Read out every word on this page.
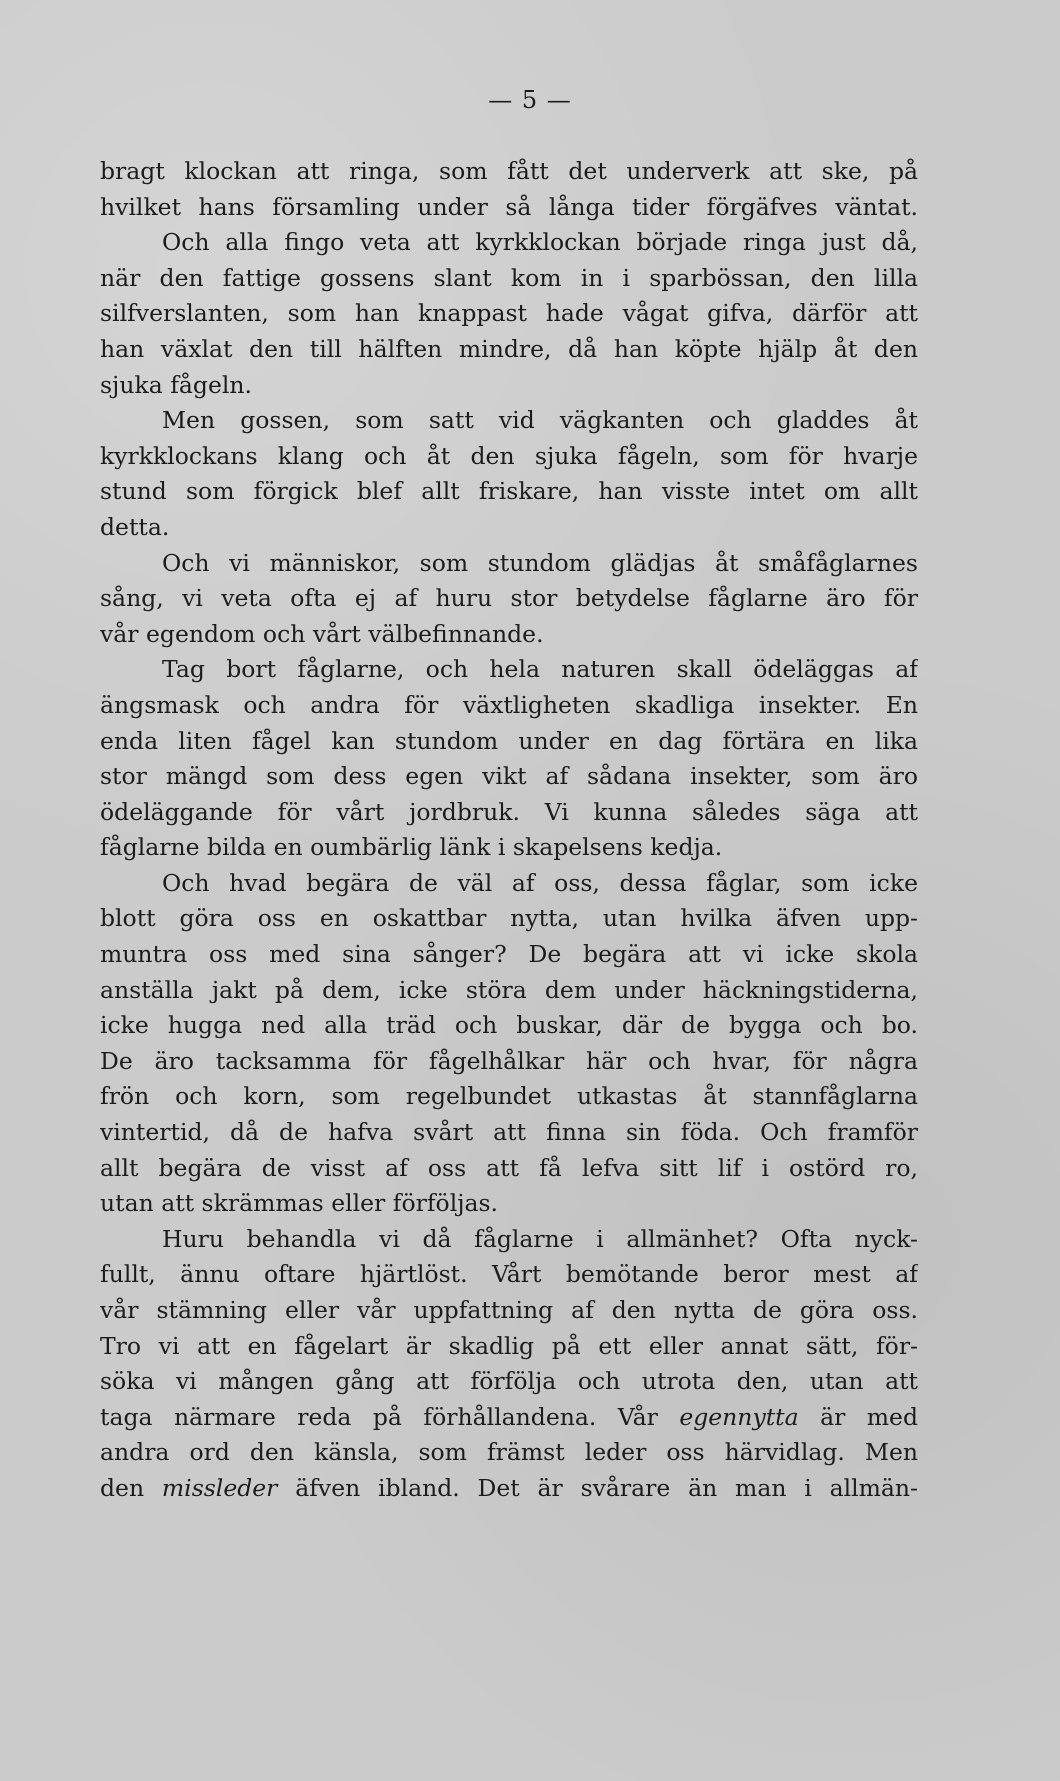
— 5 —

bragt klockan att ringa, som fått det underverk att ske, på
hvilket hans församling under så långa tider förgäfves väntat.

Och alla fingo veta att kyrkklockan började ringa just då,
när den fattige gossens slant kom in i sparbössan, den lilla
silfverslanten, som han knappast hade vågat gifva, därför att
han växlat den till hälften mindre, då han köpte hjälp åt den
sjuka fågeln.

Men gossen, som satt vid vägkanten och gladdes åt
kyrkklockans klang och åt den sjuka fågeln, som för hvarje
stund som förgick blef allt friskare, han visste intet om allt
detta.

Och vi människor, som stundom glädjas åt småfåglarnes
sång, vi veta ofta ej af huru stor betydelse fåglarne äro för
vår egendom och vårt välbefinnande.

Tag bort fåglarne, och hela naturen skall ödeläggas af
ängsmask och andra för växtligheten skadliga insekter. En
enda liten fågel kan stundom under en dag förtära en lika
stor mängd som dess egen vikt af sådana insekter, som äro
ödeläggande för vårt jordbruk. Vi kunna således säga att
fåglarne bilda en oumbärlig länk i skapelsens kedja.

Och hvad begära de väl af oss, dessa fåglar, som icke
blott göra oss en oskattbar nytta, utan hvilka äfven upp-
muntra oss med sina sånger? De begära att vi icke skola
anställa jakt på dem, icke störa dem under häckningstiderna,
icke hugga ned alla träd och buskar, där de bygga och bo.
De äro tacksamma för fågelhålkar här och hvar, för några
frön och korn, som regelbundet utkastas åt stannfåglarna
vintertid, då de hafva svårt att finna sin föda. Och framför
allt begära de visst af oss att få lefva sitt lif i ostörd ro,
utan att skrämmas eller förföljas.

Huru behandla vi då fåglarne i allmänhet? Ofta nyck-
fullt, ännu oftare hjärtlöst. Vårt bemötande beror mest af
vår stämning eller vår uppfattning af den nytta de göra oss.
Tro vi att en fågelart är skadlig på ett eller annat sätt, för-
söka vi mången gång att förfölja och utrota den, utan att
taga närmare reda på förhållandena. Vår egennytta är med
andra ord den känsla, som främst leder oss härvidlag. Men
den missleder äfven ibland. Det är svårare än man i allmän-
